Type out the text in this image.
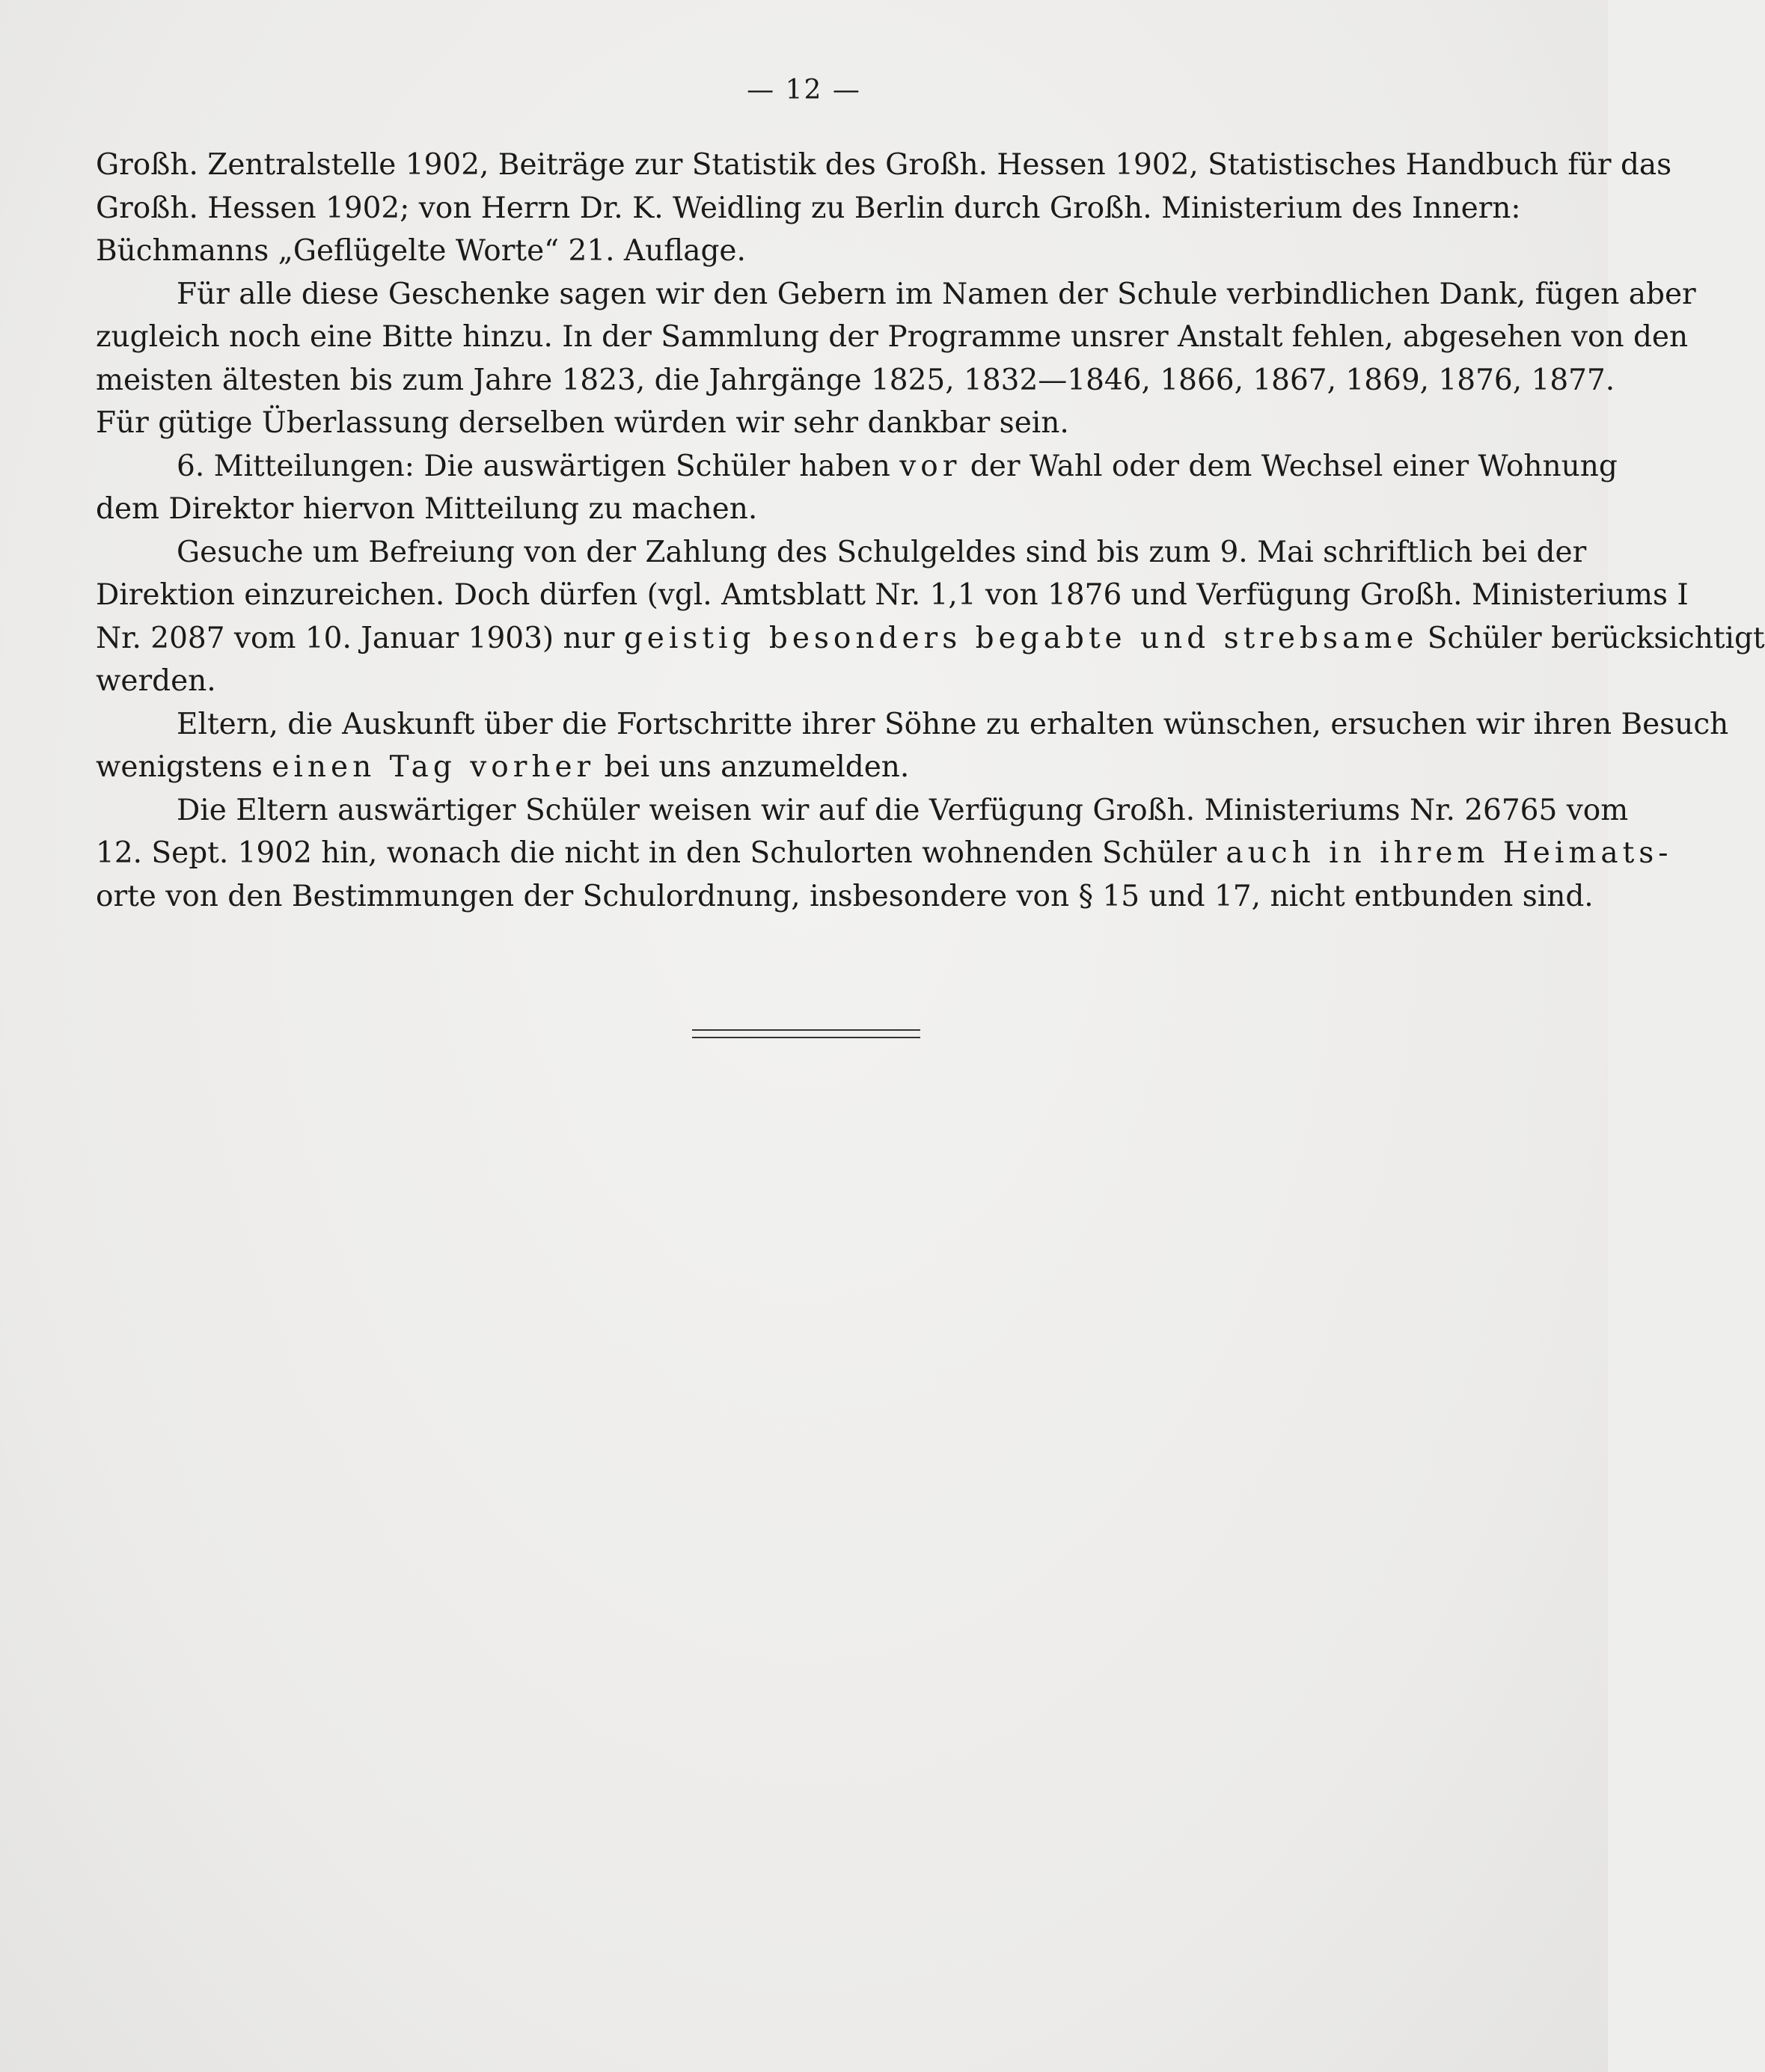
— 12 —
Großh. Zentralstelle 1902, Beiträge zur Statistik des Großh. Hessen 1902, Statistisches Handbuch für das
Großh. Hessen 1902; von Herrn Dr. K. Weidling zu Berlin durch Großh. Ministerium des Innern:
Büchmanns „Geflügelte Worte“ 21. Auflage.
Für alle diese Geschenke sagen wir den Gebern im Namen der Schule verbindlichen Dank, fügen aber
zugleich noch eine Bitte hinzu. In der Sammlung der Programme unsrer Anstalt fehlen, abgesehen von den
meisten ältesten bis zum Jahre 1823, die Jahrgänge 1825, 1832—1846, 1866, 1867, 1869, 1876, 1877.
Für gütige Überlassung derselben würden wir sehr dankbar sein.
6. Mitteilungen: Die auswärtigen Schüler haben vor der Wahl oder dem Wechsel einer Wohnung
dem Direktor hiervon Mitteilung zu machen.
Gesuche um Befreiung von der Zahlung des Schulgeldes sind bis zum 9. Mai schriftlich bei der
Direktion einzureichen. Doch dürfen (vgl. Amtsblatt Nr. 1,1 von 1876 und Verfügung Großh. Ministeriums I
Nr. 2087 vom 10. Januar 1903) nur geistig besonders begabte und strebsame Schüler berücksichtigt
werden.
Eltern, die Auskunft über die Fortschritte ihrer Söhne zu erhalten wünschen, ersuchen wir ihren Besuch
wenigstens einen Tag vorher bei uns anzumelden.
Die Eltern auswärtiger Schüler weisen wir auf die Verfügung Großh. Ministeriums Nr. 26765 vom
12. Sept. 1902 hin, wonach die nicht in den Schulorten wohnenden Schüler auch in ihrem Heimats-
orte von den Bestimmungen der Schulordnung, insbesondere von § 15 und 17, nicht entbunden sind.
